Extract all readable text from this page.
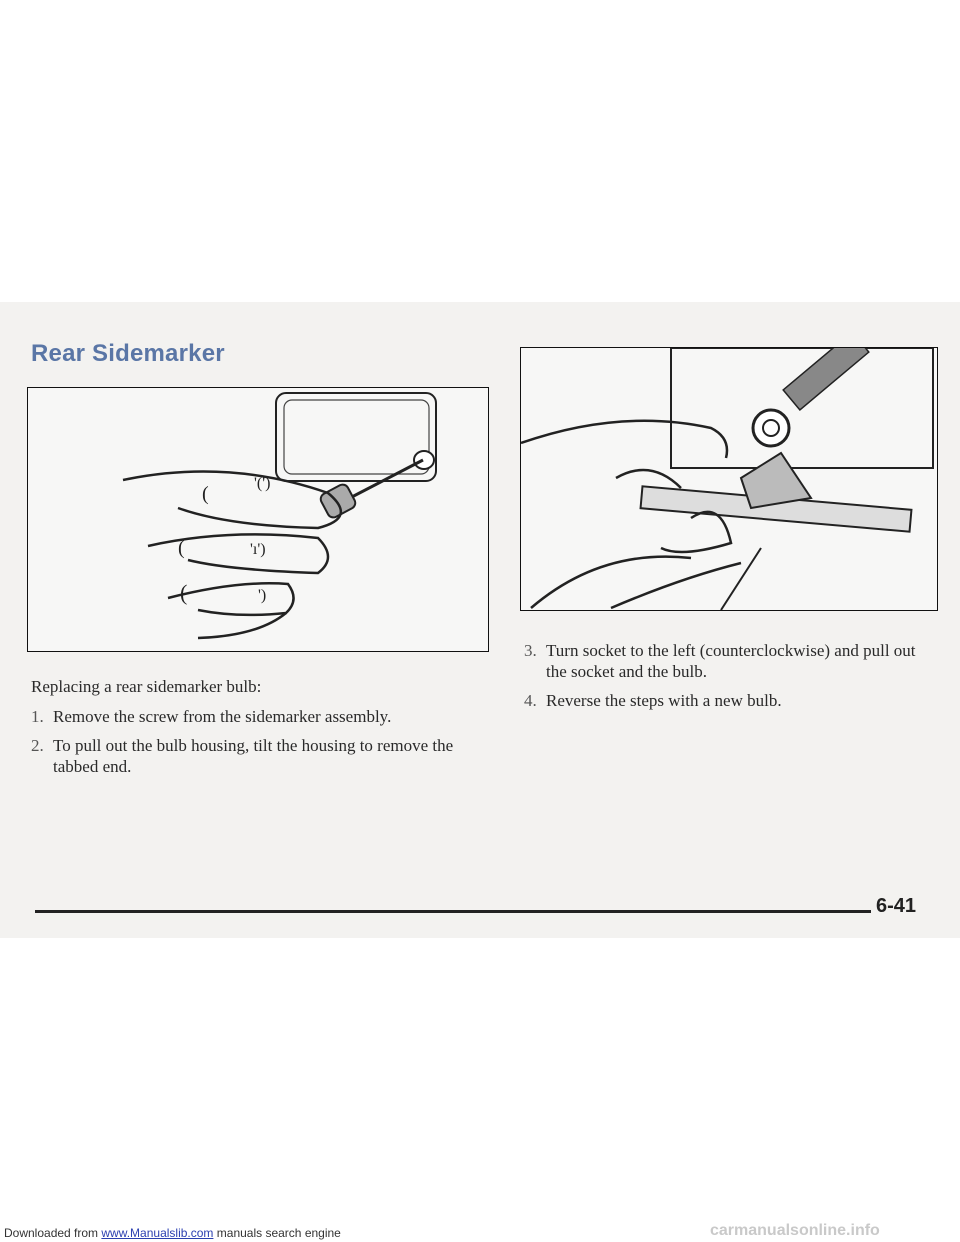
Rear Sidemarker
(
(
(
'(')
'ı')
')
Replacing a rear sidemarker bulb:
1. Remove the screw from the sidemarker assembly.
2. To pull out the bulb housing, tilt the housing to remove the tabbed end.
3. Turn socket to the left (counterclockwise) and pull out the socket and the bulb.
4. Reverse the steps with a new bulb.
6-41
Downloaded from www.Manualslib.com manuals search engine	carmanualsonline.info
